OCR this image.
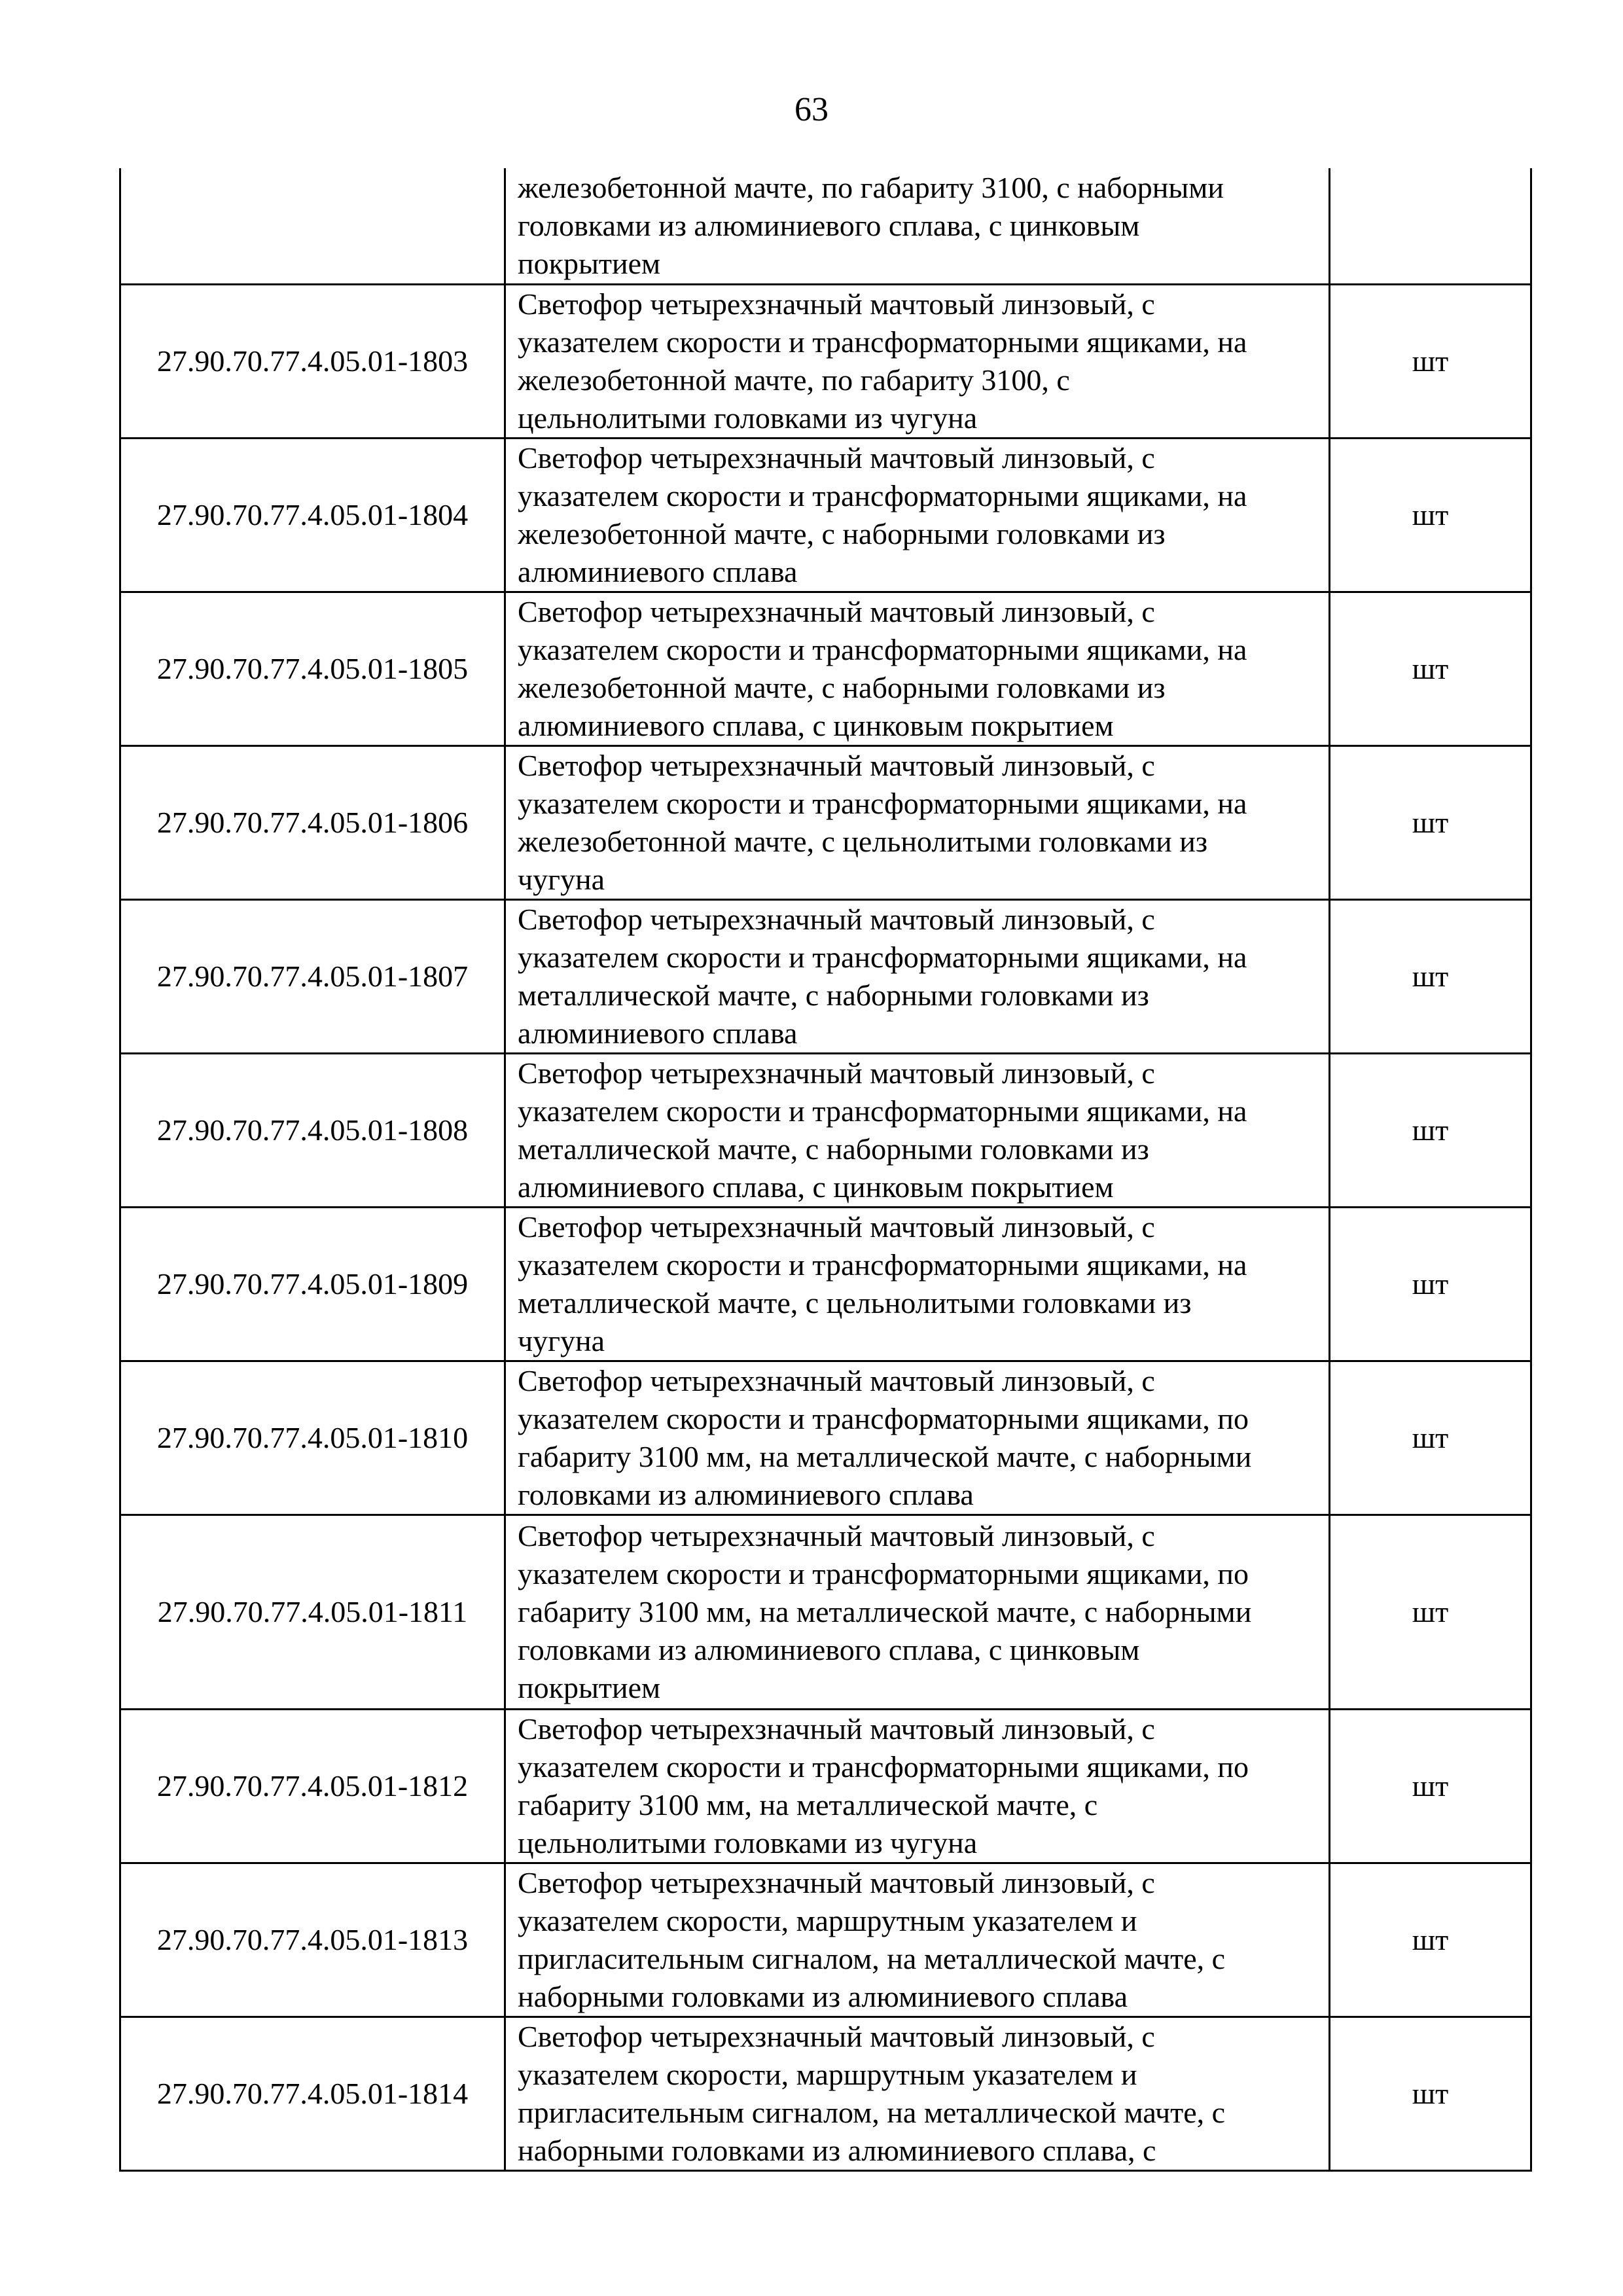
63

	железобетонной мачте, по габариту 3100, с наборными
головками из алюминиевого сплава, с цинковым
покрытием	

27.90.70.77.4.05.01-1803	Светофор четырехзначный мачтовый линзовый, с
указателем скорости и трансформаторными ящиками, на
железобетонной мачте, по габариту 3100, с
цельнолитыми головками из чугуна	шт
27.90.70.77.4.05.01-1804	Светофор четырехзначный мачтовый линзовый, с
указателем скорости и трансформаторными ящиками, на
железобетонной мачте, с наборными головками из
алюминиевого сплава	шт
27.90.70.77.4.05.01-1805	Светофор четырехзначный мачтовый линзовый, с
указателем скорости и трансформаторными ящиками, на
железобетонной мачте, с наборными головками из
алюминиевого сплава, с цинковым покрытием	шт
27.90.70.77.4.05.01-1806	Светофор четырехзначный мачтовый линзовый, с
указателем скорости и трансформаторными ящиками, на
железобетонной мачте, с цельнолитыми головками из
чугуна	шт
27.90.70.77.4.05.01-1807	Светофор четырехзначный мачтовый линзовый, с
указателем скорости и трансформаторными ящиками, на
металлической мачте, с наборными головками из
алюминиевого сплава	шт
27.90.70.77.4.05.01-1808	Светофор четырехзначный мачтовый линзовый, с
указателем скорости и трансформаторными ящиками, на
металлической мачте, с наборными головками из
алюминиевого сплава, с цинковым покрытием	шт
27.90.70.77.4.05.01-1809	Светофор четырехзначный мачтовый линзовый, с
указателем скорости и трансформаторными ящиками, на
металлической мачте, с цельнолитыми головками из
чугуна	шт
27.90.70.77.4.05.01-1810	Светофор четырехзначный мачтовый линзовый, с
указателем скорости и трансформаторными ящиками, по
габариту 3100 мм, на металлической мачте, с наборными
головками из алюминиевого сплава	шт
27.90.70.77.4.05.01-1811	Светофор четырехзначный мачтовый линзовый, с
указателем скорости и трансформаторными ящиками, по
габариту 3100 мм, на металлической мачте, с наборными
головками из алюминиевого сплава, с цинковым
покрытием	шт
27.90.70.77.4.05.01-1812	Светофор четырехзначный мачтовый линзовый, с
указателем скорости и трансформаторными ящиками, по
габариту 3100 мм, на металлической мачте, с
цельнолитыми головками из чугуна	шт
27.90.70.77.4.05.01-1813	Светофор четырехзначный мачтовый линзовый, с
указателем скорости, маршрутным указателем и
пригласительным сигналом, на металлической мачте, с
наборными головками из алюминиевого сплава	шт
27.90.70.77.4.05.01-1814	Светофор четырехзначный мачтовый линзовый, с
указателем скорости, маршрутным указателем и
пригласительным сигналом, на металлической мачте, с
наборными головками из алюминиевого сплава, с	шт
